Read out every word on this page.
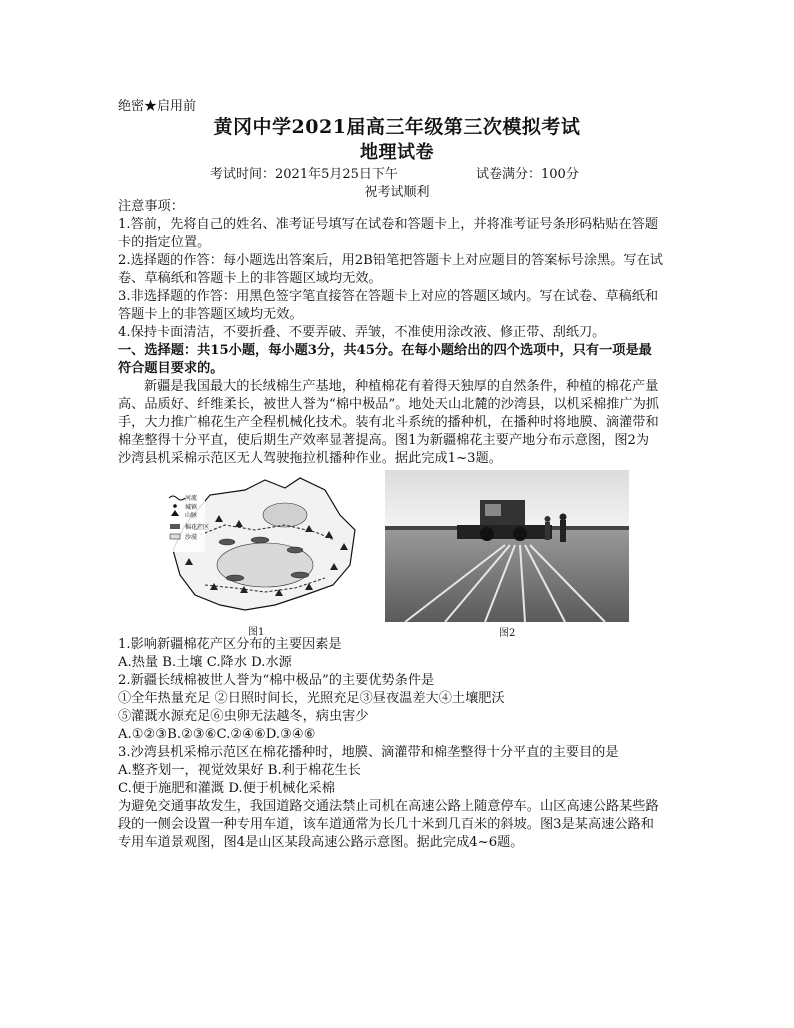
绝密★启用前
黄冈中学2021届高三年级第三次模拟考试
地理试卷
考试时间：2021年5月25日下午	试卷满分：100分
祝考试顺利
注意事项：
1.答前，先将自己的姓名、准考证号填写在试卷和答题卡上，并将准考证号条形码粘贴在答题
卡的指定位置。
2.选择题的作答：每小题选出答案后，用2B铅笔把答题卡上对应题目的答案标号涂黑。写在试
卷、草稿纸和答题卡上的非答题区域均无效。
3.非选择题的作答：用黑色签字笔直接答在答题卡上对应的答题区域内。写在试卷、草稿纸和
答题卡上的非答题区域均无效。
4.保持卡面清洁，不要折叠、不要弄破、弄皱，不准使用涂改液、修正带、刮纸刀。
一、选择题：共15小题，每小题3分，共45分。在每小题给出的四个选项中，只有一项是最
符合题目要求的。
新疆是我国最大的长绒棉生产基地，种植棉花有着得天独厚的自然条件，种植的棉花产量
高、品质好、纤维柔长，被世人誉为“棉中极品”。地处天山北麓的沙湾县，以机采棉推广为抓
手，大力推广棉花生产全程机械化技术。装有北斗系统的播种机，在播种时将地膜、滴灌带和
棉垄整得十分平直，使后期生产效率显著提高。图1为新疆棉花主要产地分布示意图，图2为
沙湾县机采棉示范区无人驾驶拖拉机播种作业。据此完成1~3题。
河流
城镇
山脉
棉花产区
沙漠
图1	图2
1.影响新疆棉花产区分布的主要因素是
A.热量 B.土壤 C.降水 D.水源
2.新疆长绒棉被世人誉为“棉中极品”的主要优势条件是
①全年热量充足 ②日照时间长，光照充足③昼夜温差大④土壤肥沃
⑤灌溉水源充足⑥虫卵无法越冬，病虫害少
A.①②③B.②③⑥C.②④⑥D.③④⑥
3.沙湾县机采棉示范区在棉花播种时，地膜、滴灌带和棉垄整得十分平直的主要目的是
A.整齐划一，视觉效果好 B.利于棉花生长
C.便于施肥和灌溉 D.便于机械化采棉
为避免交通事故发生，我国道路交通法禁止司机在高速公路上随意停车。山区高速公路某些路
段的一侧会设置一种专用车道，该车道通常为长几十米到几百米的斜坡。图3是某高速公路和
专用车道景观图，图4是山区某段高速公路示意图。据此完成4~6题。
